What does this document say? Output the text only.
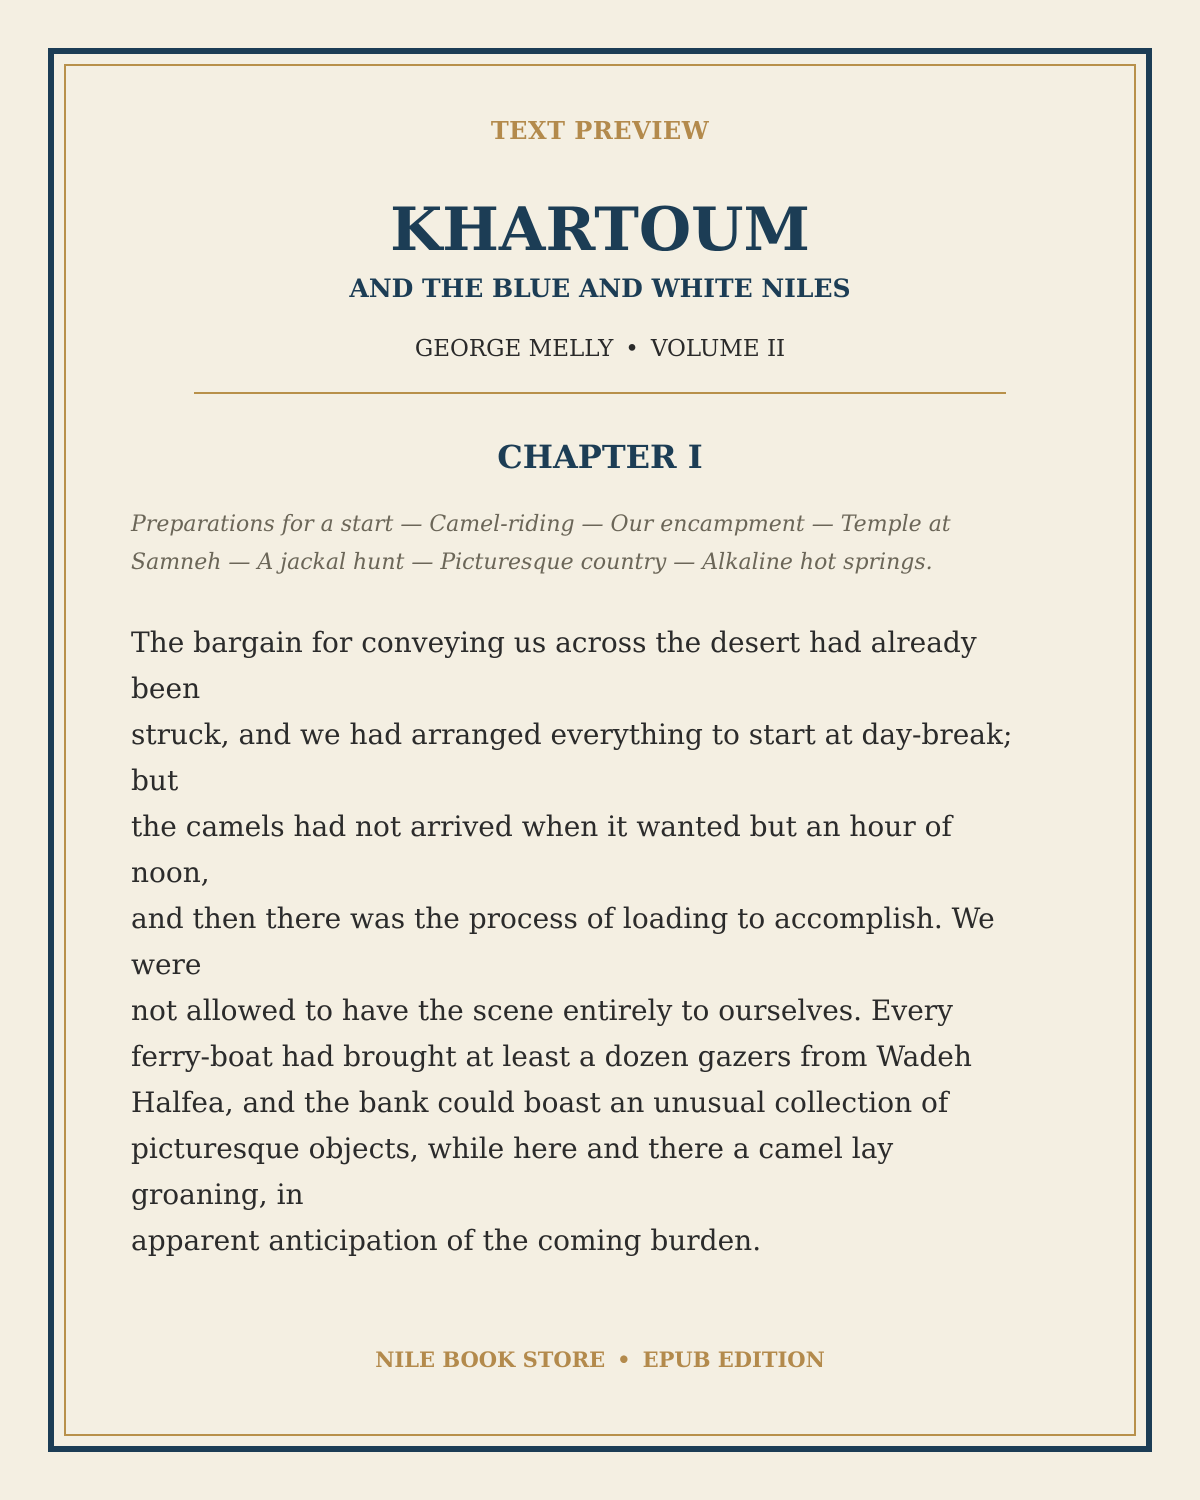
TEXT PREVIEW
KHARTOUM
AND THE BLUE AND WHITE NILES
GEORGE MELLY • VOLUME II
CHAPTER I

Preparations for a start — Camel-riding — Our encampment — Temple at
Samneh — A jackal hunt — Picturesque country — Alkaline hot springs.

The bargain for conveying us across the desert had already been
struck, and we had arranged everything to start at day-break; but
the camels had not arrived when it wanted but an hour of noon,
and then there was the process of loading to accomplish. We were
not allowed to have the scene entirely to ourselves. Every
ferry-boat had brought at least a dozen gazers from Wadeh
Halfea, and the bank could boast an unusual collection of
picturesque objects, while here and there a camel lay groaning, in
apparent anticipation of the coming burden.

NILE BOOK STORE • EPUB EDITION
